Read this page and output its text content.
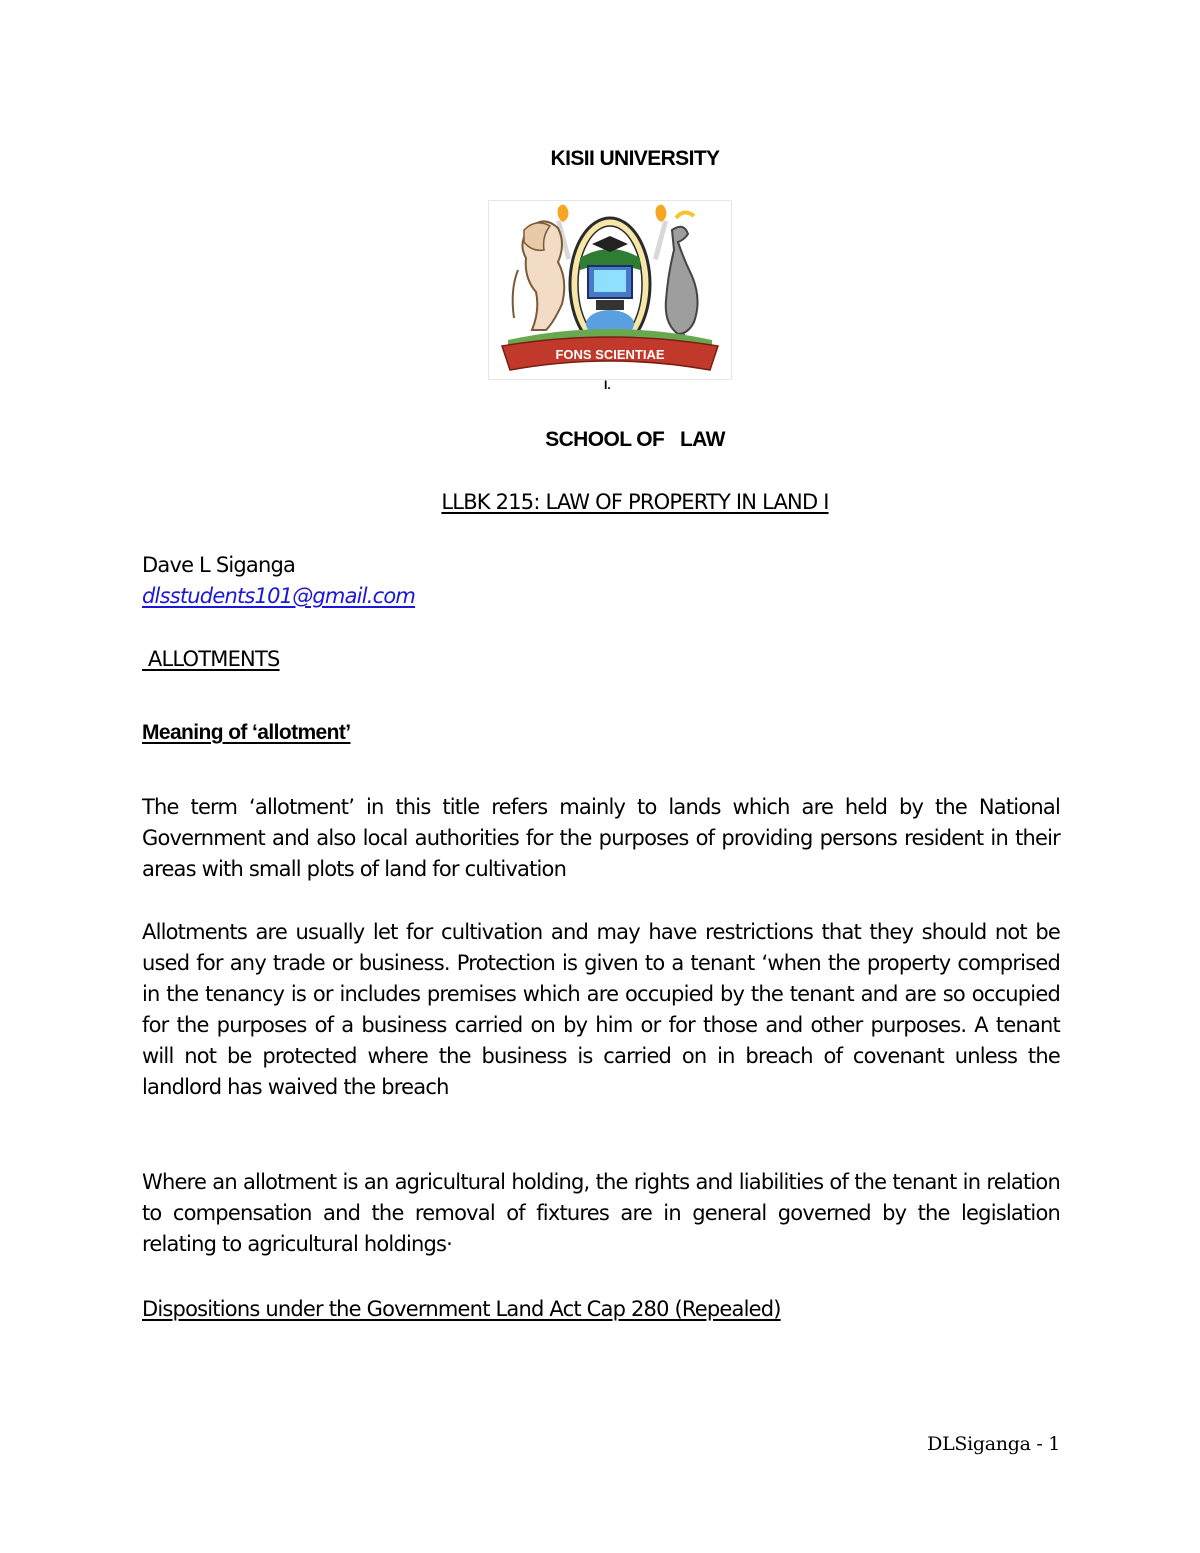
KISII UNIVERSITY
FONS SCIENTIAE
I.
SCHOOL OF   LAW
LLBK 215: LAW OF PROPERTY IN LAND I
Dave L Siganga
dlsstudents101@gmail.com
ALLOTMENTS
Meaning of ‘allotment’

The term ‘allotment’ in this title refers mainly to lands which are held by the National Government and also local authorities for the purposes of providing persons resident in their areas with small plots of land for cultivation

Allotments are usually let for cultivation and may have restrictions that they should not be used for any trade or business. Protection is given to a tenant ‘when the property comprised in the tenancy is or includes premises which are occupied by the tenant and are so occupied for the purposes of a business carried on by him or for those and other purposes. A tenant will not be protected where the business is carried on in breach of covenant unless the landlord has waived the breach

Where an allotment is an agricultural holding, the rights and liabilities of the tenant in relation to compensation and the removal of fixtures are in general governed by the legislation relating to agricultural holdings·

Dispositions under the Government Land Act Cap 280 (Repealed)
DLSiganga - 1
